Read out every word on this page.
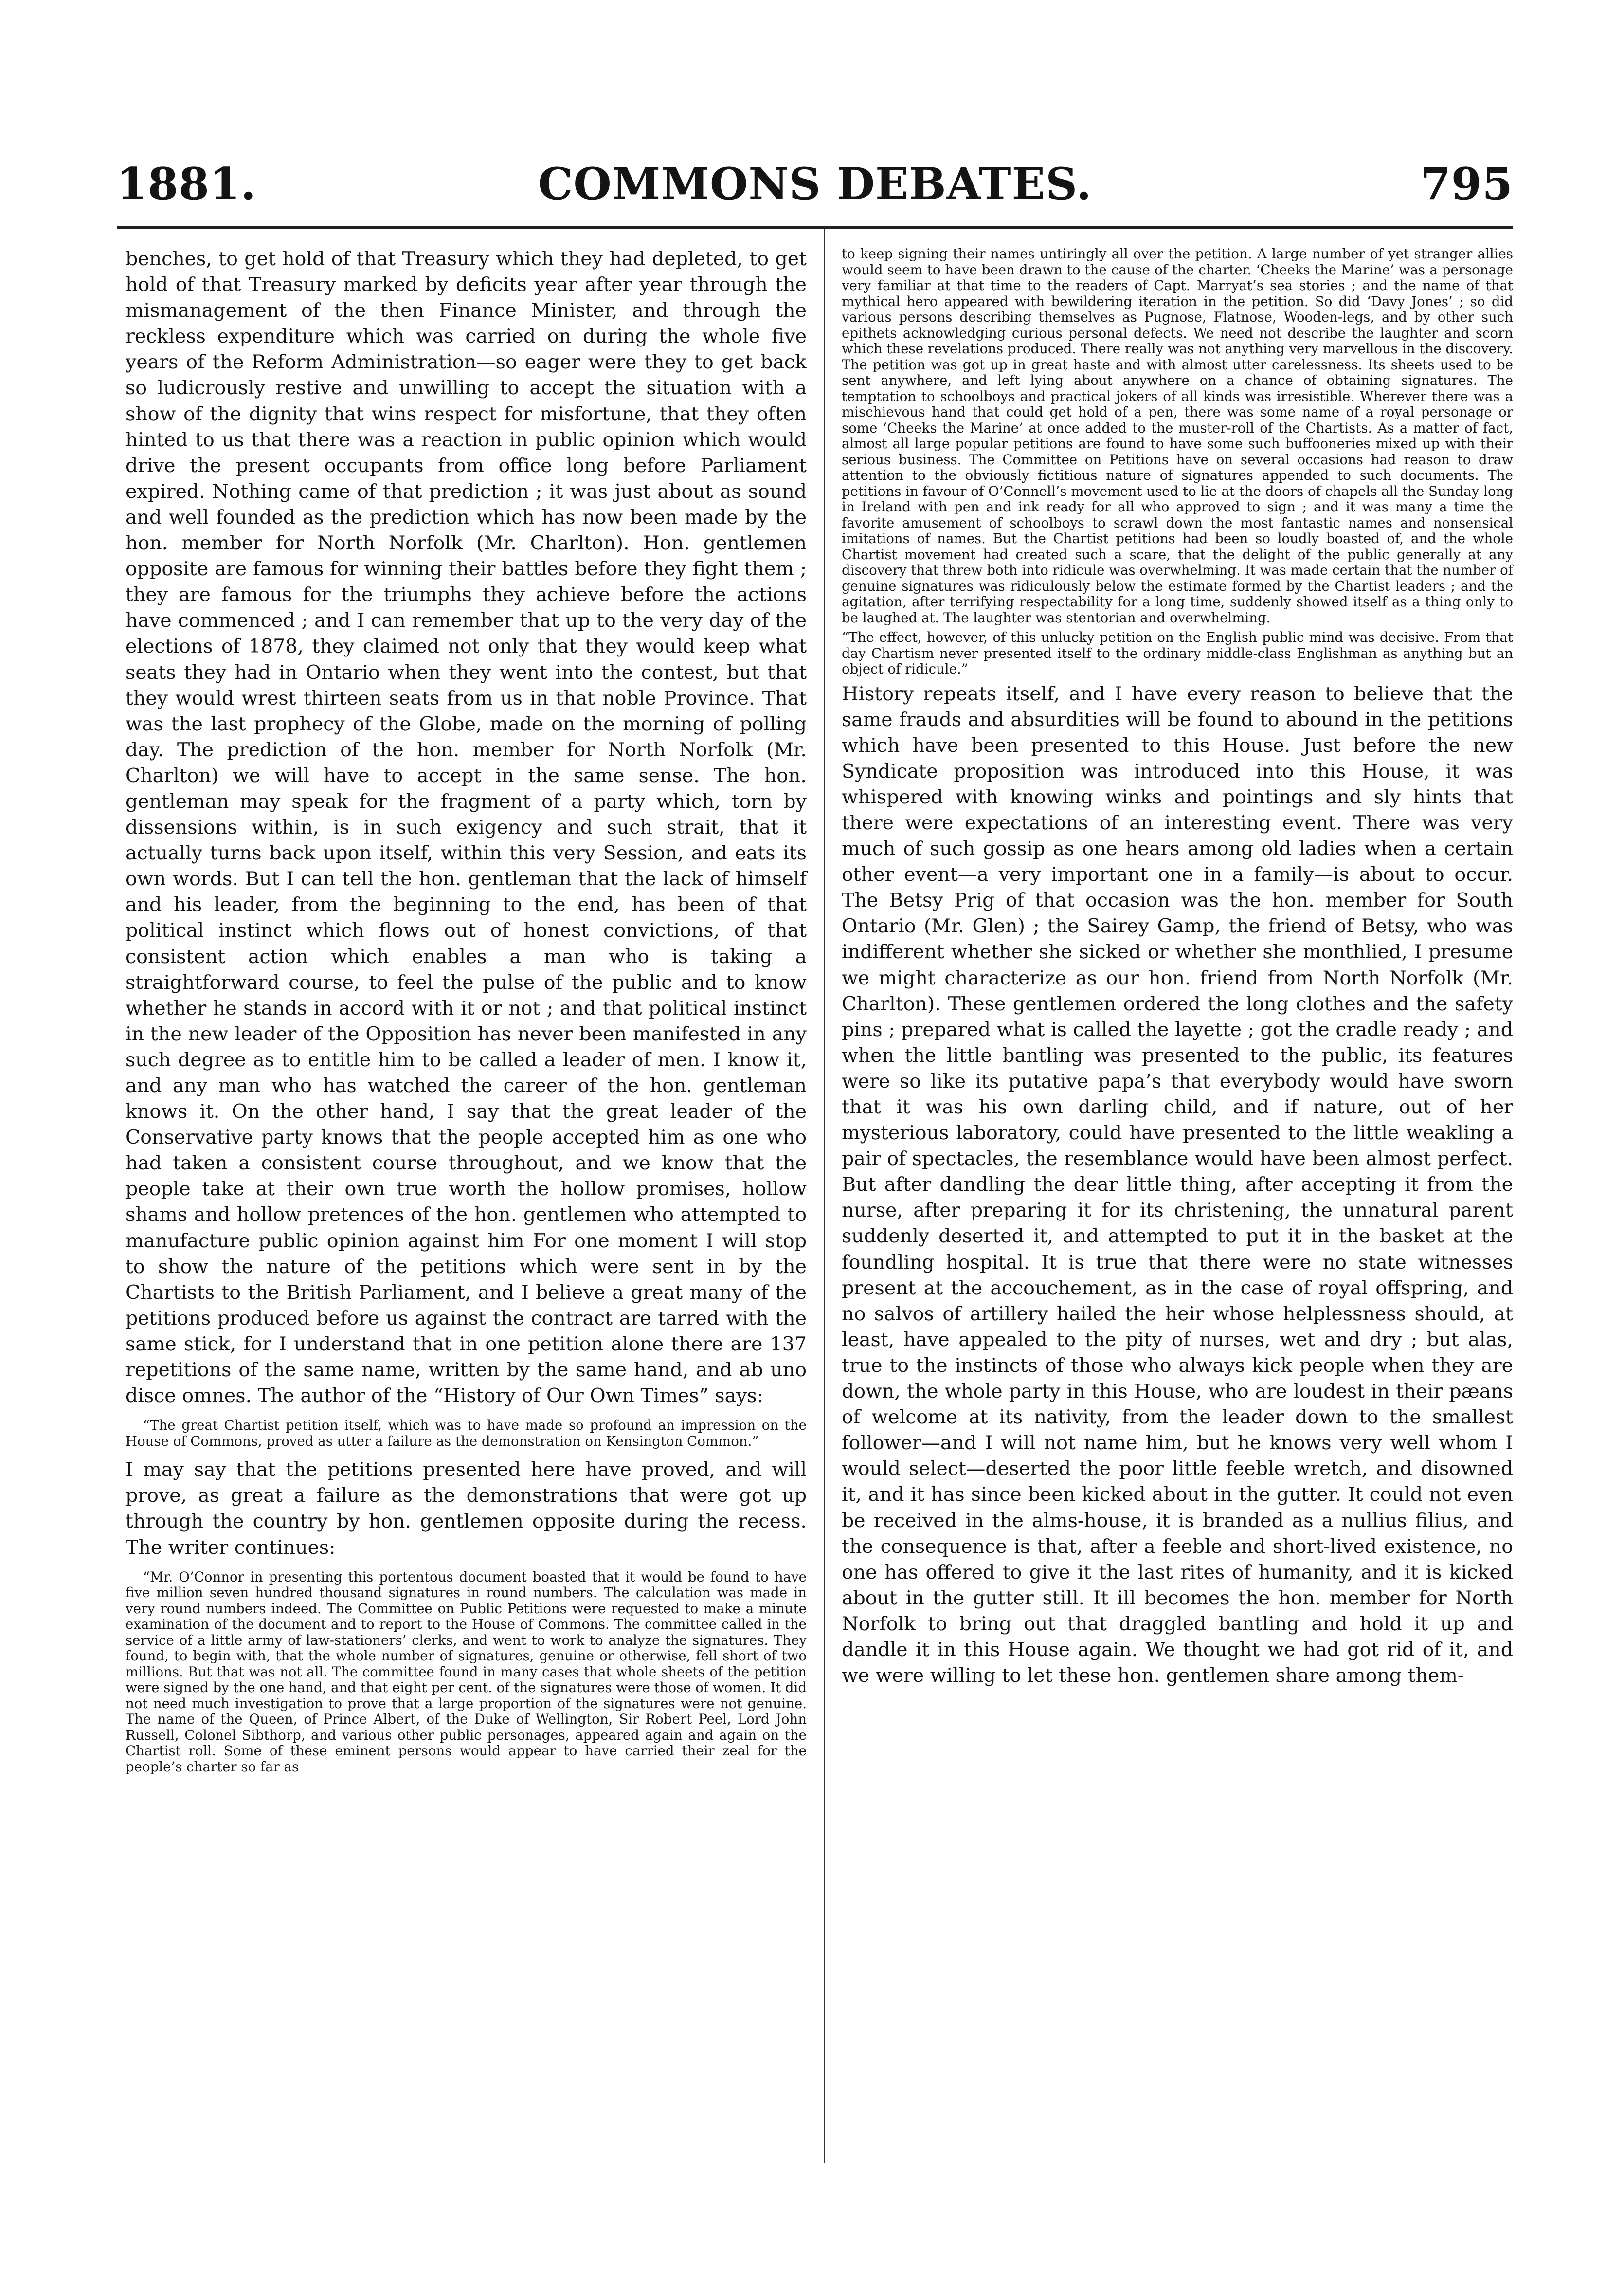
COMMONS DEBATES.
1881.	795

benches, to get hold of that Treasury which they had depleted, to get hold of that Treasury marked by deficits year after year through the mismanagement of the then Finance Minister, and through the reckless expenditure which was carried on during the whole five years of the Reform Administration—so eager were they to get back so ludicrously restive and unwilling to accept the situation with a show of the dignity that wins respect for misfortune, that they often hinted to us that there was a reaction in public opinion which would drive the present occupants from office long before Parliament expired. Nothing came of that prediction ; it was just about as sound and well founded as the prediction which has now been made by the hon. member for North Norfolk (Mr. Charlton). Hon. gentlemen opposite are famous for winning their battles before they fight them ; they are famous for the triumphs they achieve before the actions have commenced ; and I can remember that up to the very day of the elections of 1878, they claimed not only that they would keep what seats they had in Ontario when they went into the contest, but that they would wrest thirteen seats from us in that noble Province. That was the last prophecy of the Globe, made on the morning of polling day. The prediction of the hon. member for North Norfolk (Mr. Charlton) we will have to accept in the same sense. The hon. gentleman may speak for the fragment of a party which, torn by dissensions within, is in such exigency and such strait, that it actually turns back upon itself, within this very Session, and eats its own words. But I can tell the hon. gentleman that the lack of himself and his leader, from the beginning to the end, has been of that political instinct which flows out of honest convictions, of that consistent action which enables a man who is taking a straightforward course, to feel the pulse of the public and to know whether he stands in accord with it or not ; and that political instinct in the new leader of the Opposition has never been manifested in any such degree as to entitle him to be called a leader of men. I know it, and any man who has watched the career of the hon. gentleman knows it. On the other hand, I say that the great leader of the Conservative party knows that the people accepted him as one who had taken a consistent course throughout, and we know that the people take at their own true worth the hollow promises, hollow shams and hollow pretences of the hon. gentlemen who attempted to manufacture public opinion against him For one moment I will stop to show the nature of the petitions which were sent in by the Chartists to the British Parliament, and I believe a great many of the petitions produced before us against the contract are tarred with the same stick, for I understand that in one petition alone there are 137 repetitions of the same name, written by the same hand, and ab uno disce omnes. The author of the “History of Our Own Times” says:

“The great Chartist petition itself, which was to have made so profound an impression on the House of Commons, proved as utter a failure as the demonstration on Kensington Common.”

I may say that the petitions presented here have proved, and will prove, as great a failure as the demonstrations that were got up through the country by hon. gentlemen opposite during the recess. The writer continues:

“Mr. O’Connor in presenting this portentous document boasted that it would be found to have five million seven hundred thousand signatures in round numbers. The calculation was made in very round numbers indeed. The Committee on Public Petitions were requested to make a minute examination of the document and to report to the House of Commons. The committee called in the service of a little army of law-stationers’ clerks, and went to work to analyze the signatures. They found, to begin with, that the whole number of signatures, genuine or otherwise, fell short of two millions. But that was not all. The committee found in many cases that whole sheets of the petition were signed by the one hand, and that eight per cent. of the signatures were those of women. It did not need much investigation to prove that a large proportion of the signatures were not genuine. The name of the Queen, of Prince Albert, of the Duke of Wellington, Sir Robert Peel, Lord John Russell, Colonel Sibthorp, and various other public personages, appeared again and again on the Chartist roll. Some of these eminent persons would appear to have carried their zeal for the people’s charter so far as

to keep signing their names untiringly all over the petition. A large number of yet stranger allies would seem to have been drawn to the cause of the charter. ‘Cheeks the Marine’ was a personage very familiar at that time to the readers of Capt. Marryat’s sea stories ; and the name of that mythical hero appeared with bewildering iteration in the petition. So did ‘Davy Jones’ ; so did various persons describing themselves as Pugnose, Flatnose, Wooden-legs, and by other such epithets acknowledging curious personal defects. We need not describe the laughter and scorn which these revelations produced. There really was not anything very marvellous in the discovery. The petition was got up in great haste and with almost utter carelessness. Its sheets used to be sent anywhere, and left lying about anywhere on a chance of obtaining signatures. The temptation to schoolboys and practical jokers of all kinds was irresistible. Wherever there was a mischievous hand that could get hold of a pen, there was some name of a royal personage or some ‘Cheeks the Marine’ at once added to the muster-roll of the Chartists. As a matter of fact, almost all large popular petitions are found to have some such buffooneries mixed up with their serious business. The Committee on Petitions have on several occasions had reason to draw attention to the obviously fictitious nature of signatures appended to such documents. The petitions in favour of O’Connell’s movement used to lie at the doors of chapels all the Sunday long in Ireland with pen and ink ready for all who approved to sign ; and it was many a time the favorite amusement of schoolboys to scrawl down the most fantastic names and nonsensical imitations of names. But the Chartist petitions had been so loudly boasted of, and the whole Chartist movement had created such a scare, that the delight of the public generally at any discovery that threw both into ridicule was overwhelming. It was made certain that the number of genuine signatures was ridiculously below the estimate formed by the Chartist leaders ; and the agitation, after terrifying respectability for a long time, suddenly showed itself as a thing only to be laughed at. The laughter was stentorian and overwhelming.

“The effect, however, of this unlucky petition on the English public mind was decisive. From that day Chartism never presented itself to the ordinary middle-class Englishman as anything but an object of ridicule.”

History repeats itself, and I have every reason to believe that the same frauds and absurdities will be found to abound in the petitions which have been presented to this House. Just before the new Syndicate proposition was introduced into this House, it was whispered with knowing winks and pointings and sly hints that there were expectations of an interesting event. There was very much of such gossip as one hears among old ladies when a certain other event—a very important one in a family—is about to occur. The Betsy Prig of that occasion was the hon. member for South Ontario (Mr. Glen) ; the Sairey Gamp, the friend of Betsy, who was indifferent whether she sicked or whether she monthlied, I presume we might characterize as our hon. friend from North Norfolk (Mr. Charlton). These gentlemen ordered the long clothes and the safety pins ; prepared what is called the layette ; got the cradle ready ; and when the little bantling was presented to the public, its features were so like its putative papa’s that everybody would have sworn that it was his own darling child, and if nature, out of her mysterious laboratory, could have presented to the little weakling a pair of spectacles, the resemblance would have been almost perfect. But after dandling the dear little thing, after accepting it from the nurse, after preparing it for its christening, the unnatural parent suddenly deserted it, and attempted to put it in the basket at the foundling hospital. It is true that there were no state witnesses present at the accouchement, as in the case of royal offspring, and no salvos of artillery hailed the heir whose helplessness should, at least, have appealed to the pity of nurses, wet and dry ; but alas, true to the instincts of those who always kick people when they are down, the whole party in this House, who are loudest in their pæans of welcome at its nativity, from the leader down to the smallest follower—and I will not name him, but he knows very well whom I would select—deserted the poor little feeble wretch, and disowned it, and it has since been kicked about in the gutter. It could not even be received in the alms-house, it is branded as a nullius filius, and the consequence is that, after a feeble and short-lived existence, no one has offered to give it the last rites of humanity, and it is kicked about in the gutter still. It ill becomes the hon. member for North Norfolk to bring out that draggled bantling and hold it up and dandle it in this House again. We thought we had got rid of it, and we were willing to let these hon. gentlemen share among them-
